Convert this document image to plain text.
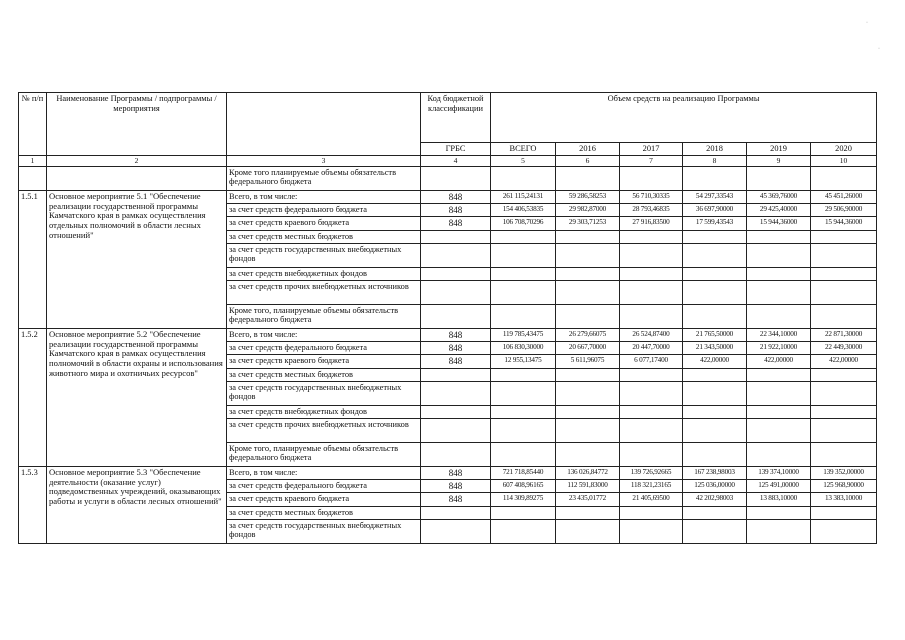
·
·
№ п/п	Наименование Программы / подпрограммы / мероприятия		Код бюджетной классификации	Объем средств на реализацию Программы					
			ГРБС	ВСЕГО	2016	2017	2018	2019	2020
1	2	3	4	5	6	7	8	9	10
		Кроме того планируемые объемы обязательств федерального бюджета							
1.5.1	Основное мероприятие 5.1 "Обеспечение реализации государственной программы Камчатского края в рамках осуществления отдельных полномочий в области лесных отношений"	Всего, в том числе:	848	261 115,24131	59 286,58253	56 710,30335	54 297,33543	45 369,76000	45 451,26000
		за счет средств федерального бюджета	848	154 406,53835	29 982,87000	28 793,46835	36 697,90000	29 425,40000	29 506,90000
		за счет средств краевого бюджета	848	106 708,70296	29 303,71253	27 916,83500	17 599,43543	15 944,36000	15 944,36000
		за счет средств местных бюджетов							
		за счет средств государственных внебюджетных фондов							
		за счет средств внебюджетных фондов							
		за счет средств прочих внебюджетных источников							
		Кроме того, планируемые объемы обязательств федерального бюджета							
1.5.2	Основное мероприятие 5.2 "Обеспечение реализации государственной программы Камчатского края в рамках осуществления полномочий в области охраны и использования животного мира и охотничьих ресурсов"	Всего, в том числе:	848	119 785,43475	26 279,66075	26 524,87400	21 765,50000	22 344,10000	22 871,30000
		за счет средств федерального бюджета	848	106 830,30000	20 667,70000	20 447,70000	21 343,50000	21 922,10000	22 449,30000
		за счет средств краевого бюджета	848	12 955,13475	5 611,96075	6 077,17400	422,00000	422,00000	422,00000
		за счет средств местных бюджетов							
		за счет средств государственных внебюджетных фондов							
		за счет средств внебюджетных фондов							
		за счет средств прочих внебюджетных источников							
		Кроме того, планируемые объемы обязательств федерального бюджета							
1.5.3	Основное мероприятие 5.3 "Обеспечение деятельности (оказание услуг) подведомственных учреждений, оказывающих работы и услуги в области лесных отношений"	Всего, в том числе:	848	721 718,85440	136 026,84772	139 726,92665	167 238,98003	139 374,10000	139 352,00000
		за счет средств федерального бюджета	848	607 408,96165	112 591,83000	118 321,23165	125 036,00000	125 491,00000	125 968,90000
		за счет средств краевого бюджета	848	114 309,89275	23 435,01772	21 405,69500	42 202,98003	13 883,10000	13 383,10000
		за счет средств местных бюджетов							
		за счет средств государственных внебюджетных фондов							
